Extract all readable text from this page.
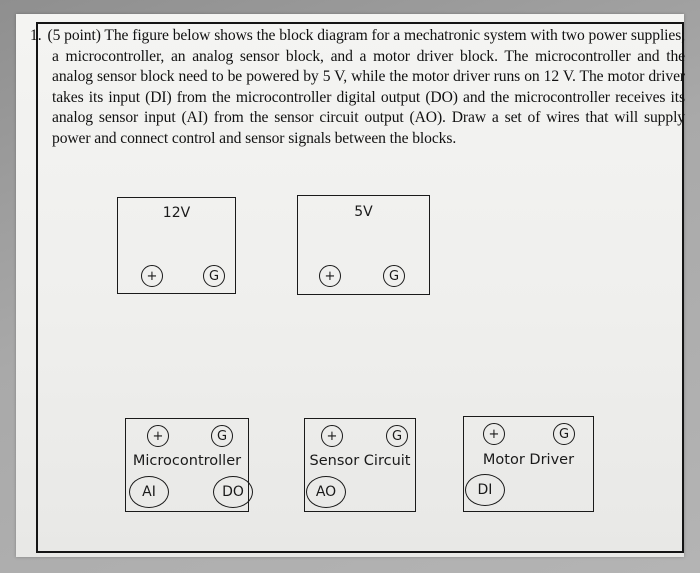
1. (5 point) The figure below shows the block diagram for a mechatronic system with two power supplies, a microcontroller, an analog sensor block, and a motor driver block. The microcontroller and the analog sensor block need to be powered by 5 V, while the motor driver runs on 12 V. The motor driver takes its input (DI) from the microcontroller digital output (DO) and the microcontroller receives its analog sensor input (AI) from the sensor circuit output (AO). Draw a set of wires that will supply power and connect control and sensor signals between the blocks.
12V
+	G
5V
+	G
+	G
Microcontroller
AI	DO
+	G
Sensor Circuit
AO
+	G
Motor Driver
DI
